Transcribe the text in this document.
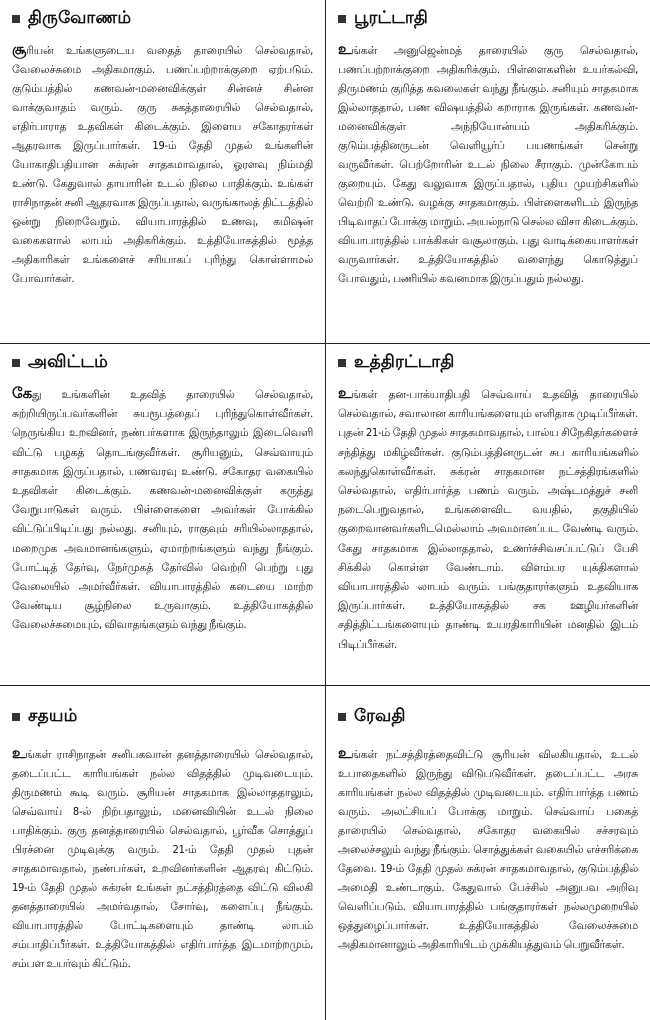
திருவோணம்
சூரியன் உங்களுடைய வதைத் தாரையில் செல்வதால், வேலைச்சுமை அதிகமாகும். பணப்பற்றாக்குறை ஏற்படும். குடும்பத்தில் கணவன்-மனைவிக்குள் சின்னச் சின்ன வாக்குவாதம் வரும். குரு சுகத்தாரையில் செல்வதால், எதிர்பாராத உதவிகள் கிடைக்கும். இளைய சகோதரர்கள் ஆதரவாக இருப்பார்கள். 19-ம் தேதி முதல் உங்களின் யோகாதிபதியான சுக்ரன் சாதகமாவதால், ஓரளவு நிம்மதி உண்டு. கேதுவால் தாயாரின் உடல் நிலை பாதிக்கும். உங்கள் ராசிநாதன் சனி ஆதரவாக இருப்பதால், வருங்காலத் திட்டத்தில் ஒன்று நிறைவேறும். வியாபாரத்தில் உணவு, கமிஷன் வகைகளால் லாபம் அதிகரிக்கும். உத்தியோகத்தில் மூத்த அதிகாரிகள் உங்களைச் சரியாகப் புரிந்து கொள்ளாமல் போவார்கள்.
பூரட்டாதி
உங்கள் அனுஜென்மத் தாரையில் குரு செல்வதால், பணப்பற்றாக்குறை அதிகரிக்கும். பிள்ளைகளின் உயர்கல்வி, திருமணம் குறித்த கவலைகள் வந்து நீங்கும். சனியும் சாதகமாக இல்லாததால், பண விஷயத்தில் கறாராக இருங்கள். கணவன்-மனைவிக்குள் அந்நியோன்யம் அதிகரிக்கும். குடும்பத்தினருடன் வெளியூர்ப் பயணங்கள் சென்று வருவீர்கள். பெற்றோரின் உடல் நிலை சீராகும். முன்கோபம் குறையும். கேது வலுவாக இருப்பதால், புதிய முயற்சிகளில் வெற்றி உண்டு. வழக்கு சாதகமாகும். பிள்ளைகளிடம் இருந்த பிடிவாதப் போக்கு மாறும். அயல்நாடு செல்ல விசா கிடைக்கும். வியாபாரத்தில் பாக்கிகள் வசூலாகும். புது வாடிக்கையாளர்கள் வருவார்கள். உத்தியோகத்தில் வளைந்து கொடுத்துப் போவதும், பணியில் கவனமாக இருப்பதும் நல்லது.
அவிட்டம்
கேது உங்களின் உதவித் தாரையில் செல்வதால், சுற்றியிருப்பவர்களின் சுயரூபத்தைப் புரிந்துகொள்வீர்கள். நெருங்கிய உறவினர், நண்பர்களாக இருந்தாலும் இடைவெளி விட்டு பழகத் தொடங்குவீர்கள். சூரியனும், செவ்வாயும் சாதகமாக இருப்பதால், பணவரவு உண்டு. சகோதர வகையில் உதவிகள் கிடைக்கும். கணவன்-மனைவிக்குள் கருத்து வேறுபாடுகள் வரும். பிள்ளைகளை அவர்கள் போக்கில் விட்டுப்பிடிப்பது நல்லது. சனியும், ராகுவும் சரியில்லாததால், மறைமுக அவமானங்களும், ஏமாற்றங்களும் வந்து நீங்கும். போட்டித் தேர்வு, நேர்முகத் தேர்வில் வெற்றி பெற்று புது வேலையில் அமர்வீர்கள். வியாபாரத்தில் கடையை மாற்ற வேண்டிய சூழ்நிலை உருவாகும். உத்தியோகத்தில் வேலைச்சுமையும், விவாதங்களும் வந்து நீங்கும்.
உத்திரட்டாதி
உங்கள் தன-பாக்யாதிபதி செவ்வாய் உதவித் தாரையில் செல்வதால், சவாலான காரியங்களையும் எளிதாக முடிப்பீர்கள். புதன் 21-ம் தேதி முதல் சாதகமாவதால், பால்ய சிநேகிதர்களைச் சந்தித்து மகிழ்வீர்கள். குடும்பத்தினருடன் சுப காரியங்களில் கலந்துகொள்வீர்கள். சுக்ரன் சாதகமான நட்சத்திரங்களில் செல்வதால், எதிர்பார்த்த பணம் வரும். அஷ்டமத்துச் சனி நடைபெறுவதால், உங்களைவிட வயதில், தகுதியில் குறைவானவர்களிடமெல்லாம் அவமானப்பட வேண்டி வரும். கேது சாதகமாக இல்லாததால், உணர்ச்சிவசப்பட்டுப் பேசி சிக்கில் கொள்ள வேண்டாம். விளம்பர யுக்திகளால் வியாபாரத்தில் லாபம் வரும். பங்குதாரர்களும் உதவியாக இருப்பார்கள். உத்தியோகத்தில் சக ஊழியர்களின் சதித்திட்டங்களையும் தாண்டி உயரதிகாரியின் மனதில் இடம் பிடிப்பீர்கள்.
சதயம்
உங்கள் ராசிநாதன் சனிபகவான் தனத்தாரையில் செல்வதால், தடைப்பட்ட காரியங்கள் நல்ல விதத்தில் முடிவடையும். திருமணம் கூடி வரும். சூரியன் சாதகமாக இல்லாததாலும், செவ்வாய் 8-ல் நிற்பதாலும், மனைவியின் உடல் நிலை பாதிக்கும். குரு தனத்தாரையில் செல்வதால், பூர்வீக சொத்துப் பிரச்னை முடிவுக்கு வரும். 21-ம் தேதி முதல் புதன் சாதகமாவதால், நண்பர்கள், உறவினர்களின் ஆதரவு கிட்டும். 19-ம் தேதி முதல் சுக்ரன் உங்கள் நட்சத்திரத்தை விட்டு விலகி தனத்தாரையில் அமர்வதால், சோர்வு, களைப்பு நீங்கும். வியாபாரத்தில் போட்டிகளையும் தாண்டி லாபம் சம்பாதிப்பீர்கள். உத்தியோகத்தில் எதிர்பார்த்த இடமாற்றமும், சம்பள உயர்வும் கிட்டும்.
ரேவதி
உங்கள் நட்சத்திரத்தைவிட்டு சூரியன் விலகியதால், உடல் உபாதைகளில் இருந்து விடுபடுவீர்கள். தடைப்பட்ட அரசு காரியங்கள் நல்ல விதத்தில் முடிவடையும். எதிர்பார்த்த பணம் வரும். அலட்சியப் போக்கு மாறும். செவ்வாய் பகைத் தாரையில் செல்வதால், சகோதர வகையில் சச்சரவும் அலைச்சலும் வந்து நீங்கும். சொத்துக்கள் வகையில் எச்சரிக்கை தேவை. 19-ம் தேதி முதல் சுக்ரன் சாதகமாவதால், குடும்பத்தில் அமைதி உண்டாகும். கேதுவால் பேச்சில் அனுபவ அறிவு வெளிப்படும். வியாபாரத்தில் பங்குதாரர்கள் நல்லமுறையில் ஒத்துழைப்பார்கள். உத்தியோகத்தில் வேலைச்சுமை அதிகமானாலும் அதிகாரியிடம் முக்கியத்துவம் பெறுவீர்கள்.
